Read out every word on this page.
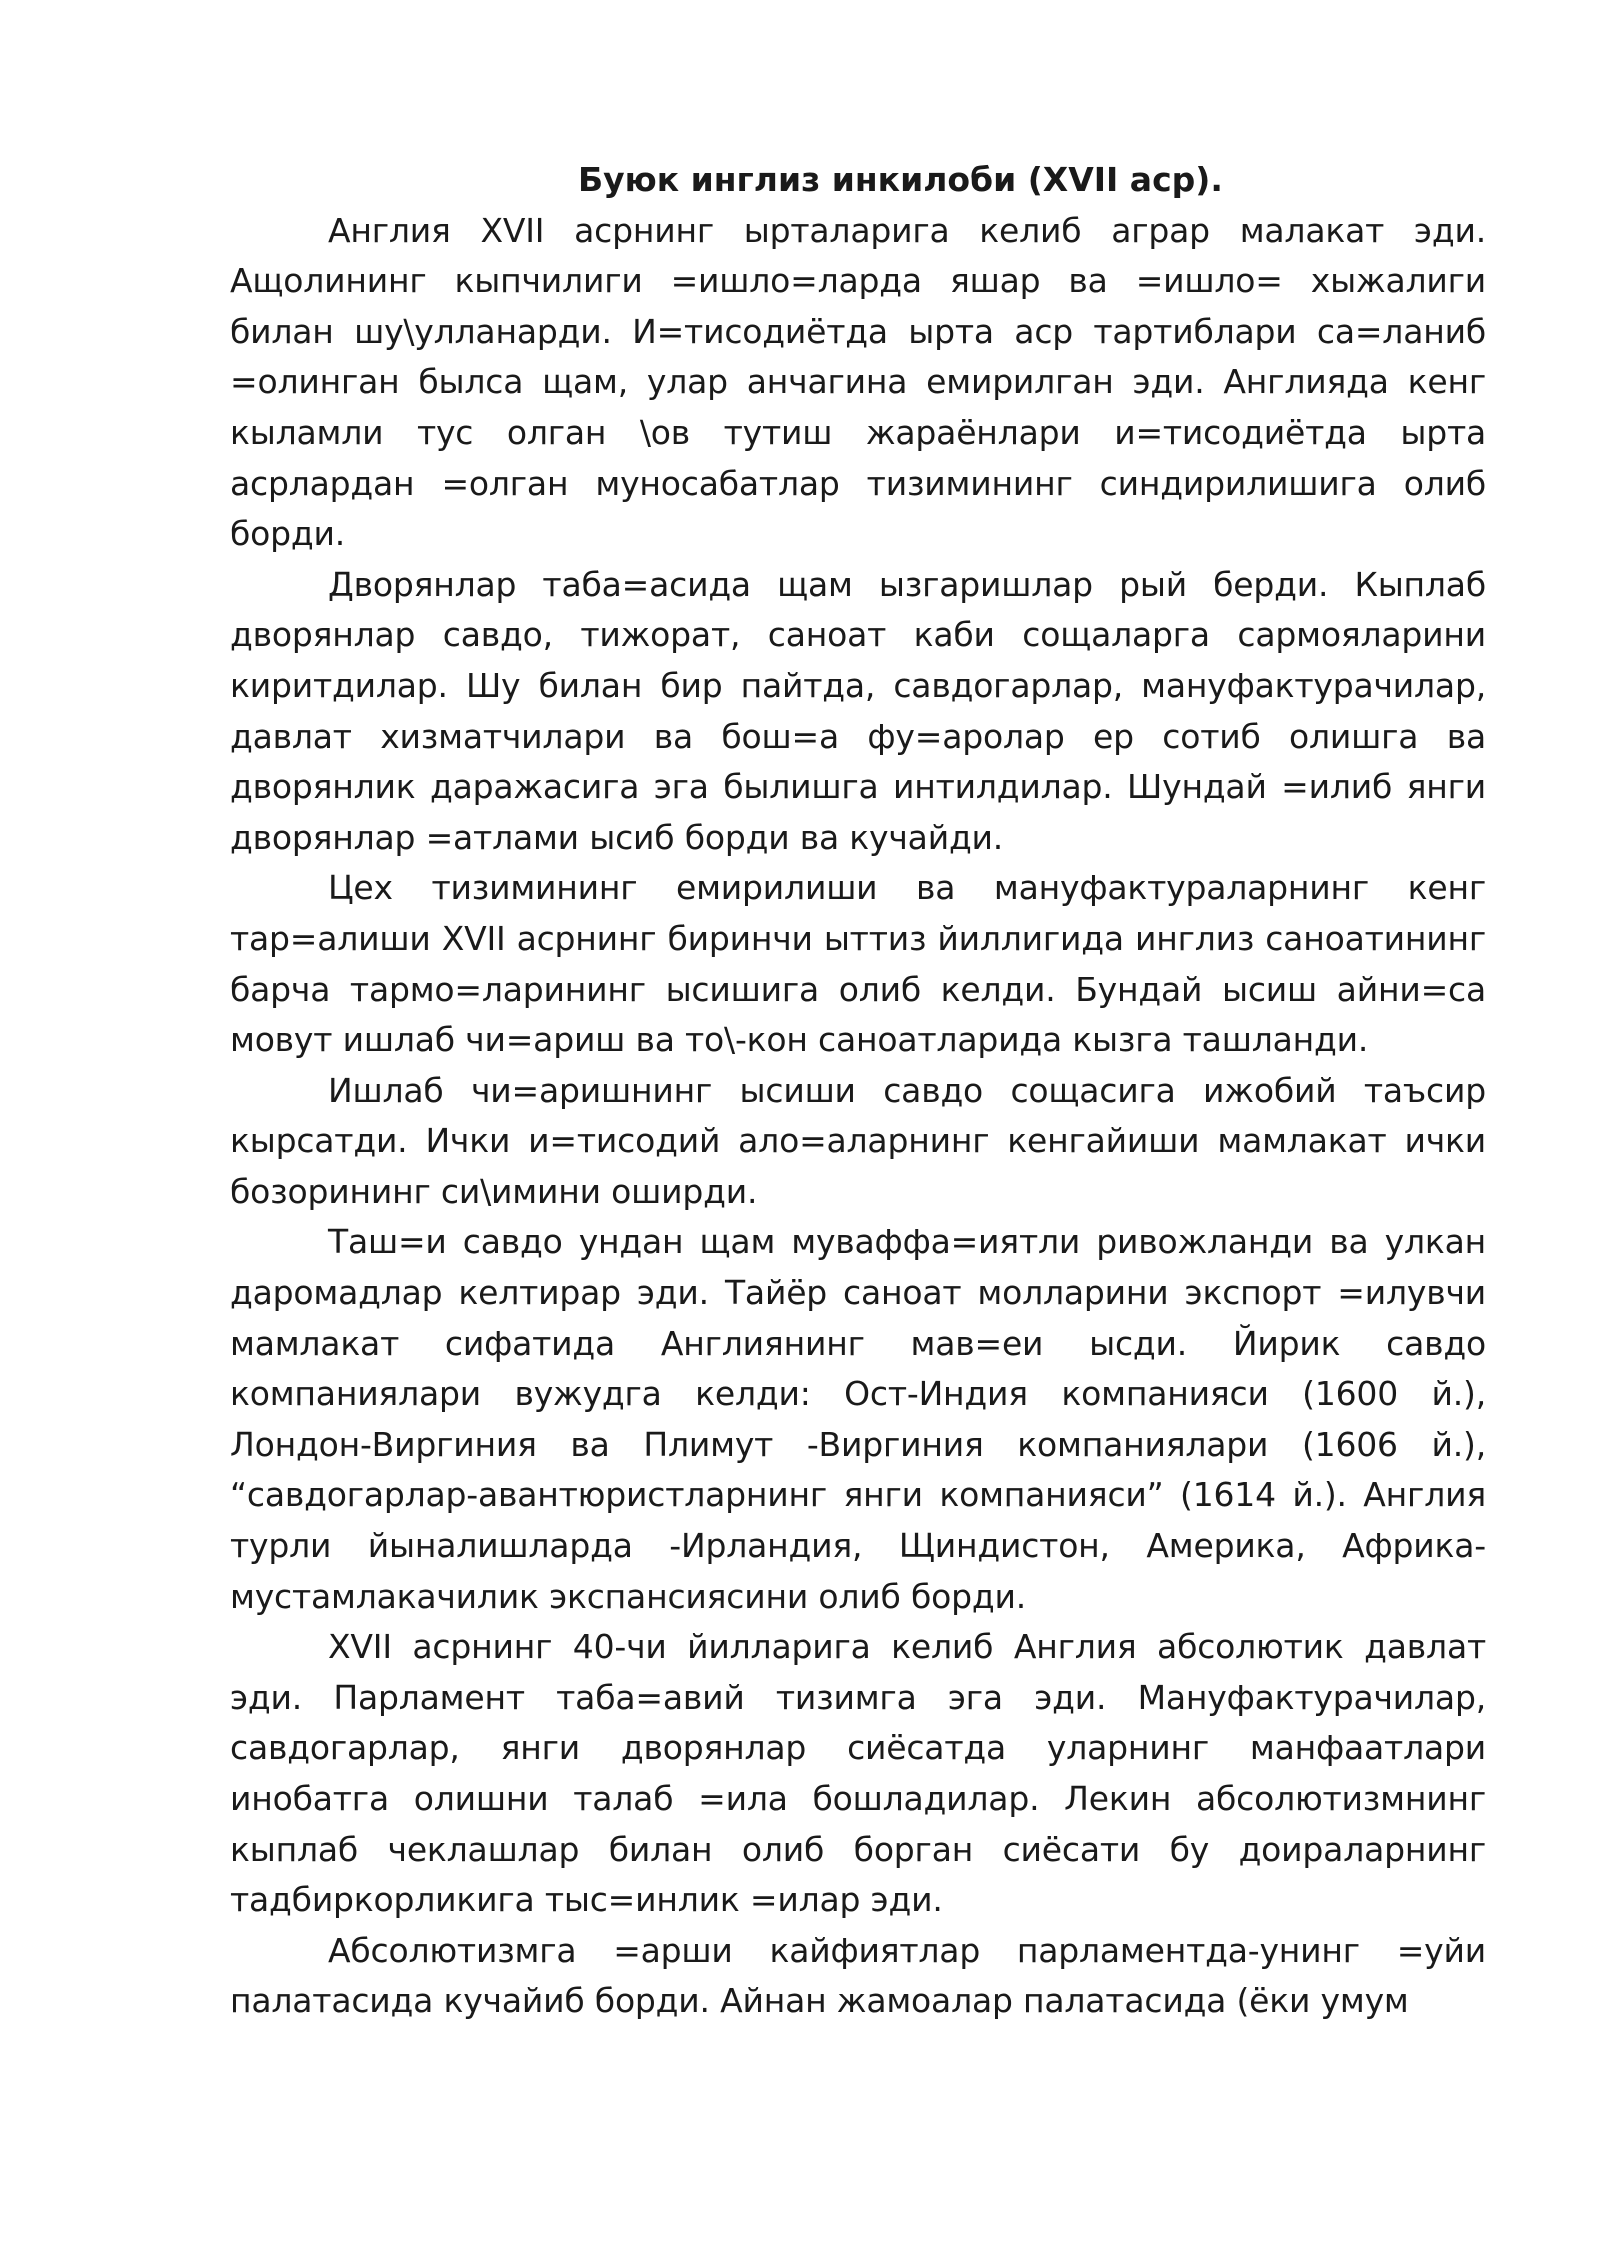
Буюк инглиз инкилоби (XVII аср).

Англия XVII асрнинг ырталарига келиб аграр малакат эди. Ащолининг кыпчилиги =ишло=ларда яшар ва =ишло= хыжалиги билан шу\улланарди. И=тисодиётда ырта аср тартиблари са=ланиб =олинган былса щам, улар анчагина емирилган эди. Англияда кенг кыламли тус олган \ов тутиш жараёнлари и=тисодиётда ырта асрлардан =олган муносабатлар тизимининг синдирилишига олиб борди.

Дворянлар таба=асида щам ызгаришлар рый берди. Кыплаб дворянлар савдо, тижорат, саноат каби сощаларга сармояларини киритдилар. Шу билан бир пайтда, савдогарлар, мануфактурачилар, давлат хизматчилари ва бош=а фу=аролар ер сотиб олишга ва дворянлик даражасига эга былишга интилдилар. Шундай =илиб янги дворянлар =атлами ысиб борди ва кучайди.

Цех тизимининг емирилиши ва мануфактураларнинг кенг тар=алиши XVII асрнинг биринчи ыттиз йиллигида инглиз саноатининг барча тармо=ларининг ысишига олиб келди. Бундай ысиш айни=са мовут ишлаб чи=ариш ва то\-кон саноатларида кызга ташланди.

Ишлаб чи=аришнинг ысиши савдо сощасига ижобий таъсир кырсатди. Ички и=тисодий ало=аларнинг кенгайиши мамлакат ички бозорининг си\имини оширди.

Таш=и савдо ундан щам муваффа=иятли ривожланди ва улкан даромадлар келтирар эди. Тайёр саноат молларини экспорт =илувчи мамлакат сифатида Англиянинг мав=еи ысди. Йирик савдо компаниялари вужудга келди: Ост-Индия компанияси (1600 й.), Лондон-Виргиния ва Плимут -Виргиния компаниялари (1606 й.), “савдогарлар-авантюристларнинг янги компанияси” (1614 й.). Англия турли йыналишларда -Ирландия, Щиндистон, Америка, Африка-мустамлакачилик экспансиясини олиб борди.

XVII асрнинг 40-чи йилларига келиб Англия абсолютик давлат эди. Парламент таба=авий тизимга эга эди. Мануфактурачилар, савдогарлар, янги дворянлар сиёсатда уларнинг манфаатлари инобатга олишни талаб =ила бошладилар. Лекин абсолютизмнинг кыплаб чеклашлар билан олиб борган сиёсати бу доираларнинг тадбиркорликига тыс=инлик =илар эди.

Абсолютизмга =арши кайфиятлар парламентда-унинг =уйи палатасида кучайиб борди. Айнан жамоалар палатасида (ёки умум
